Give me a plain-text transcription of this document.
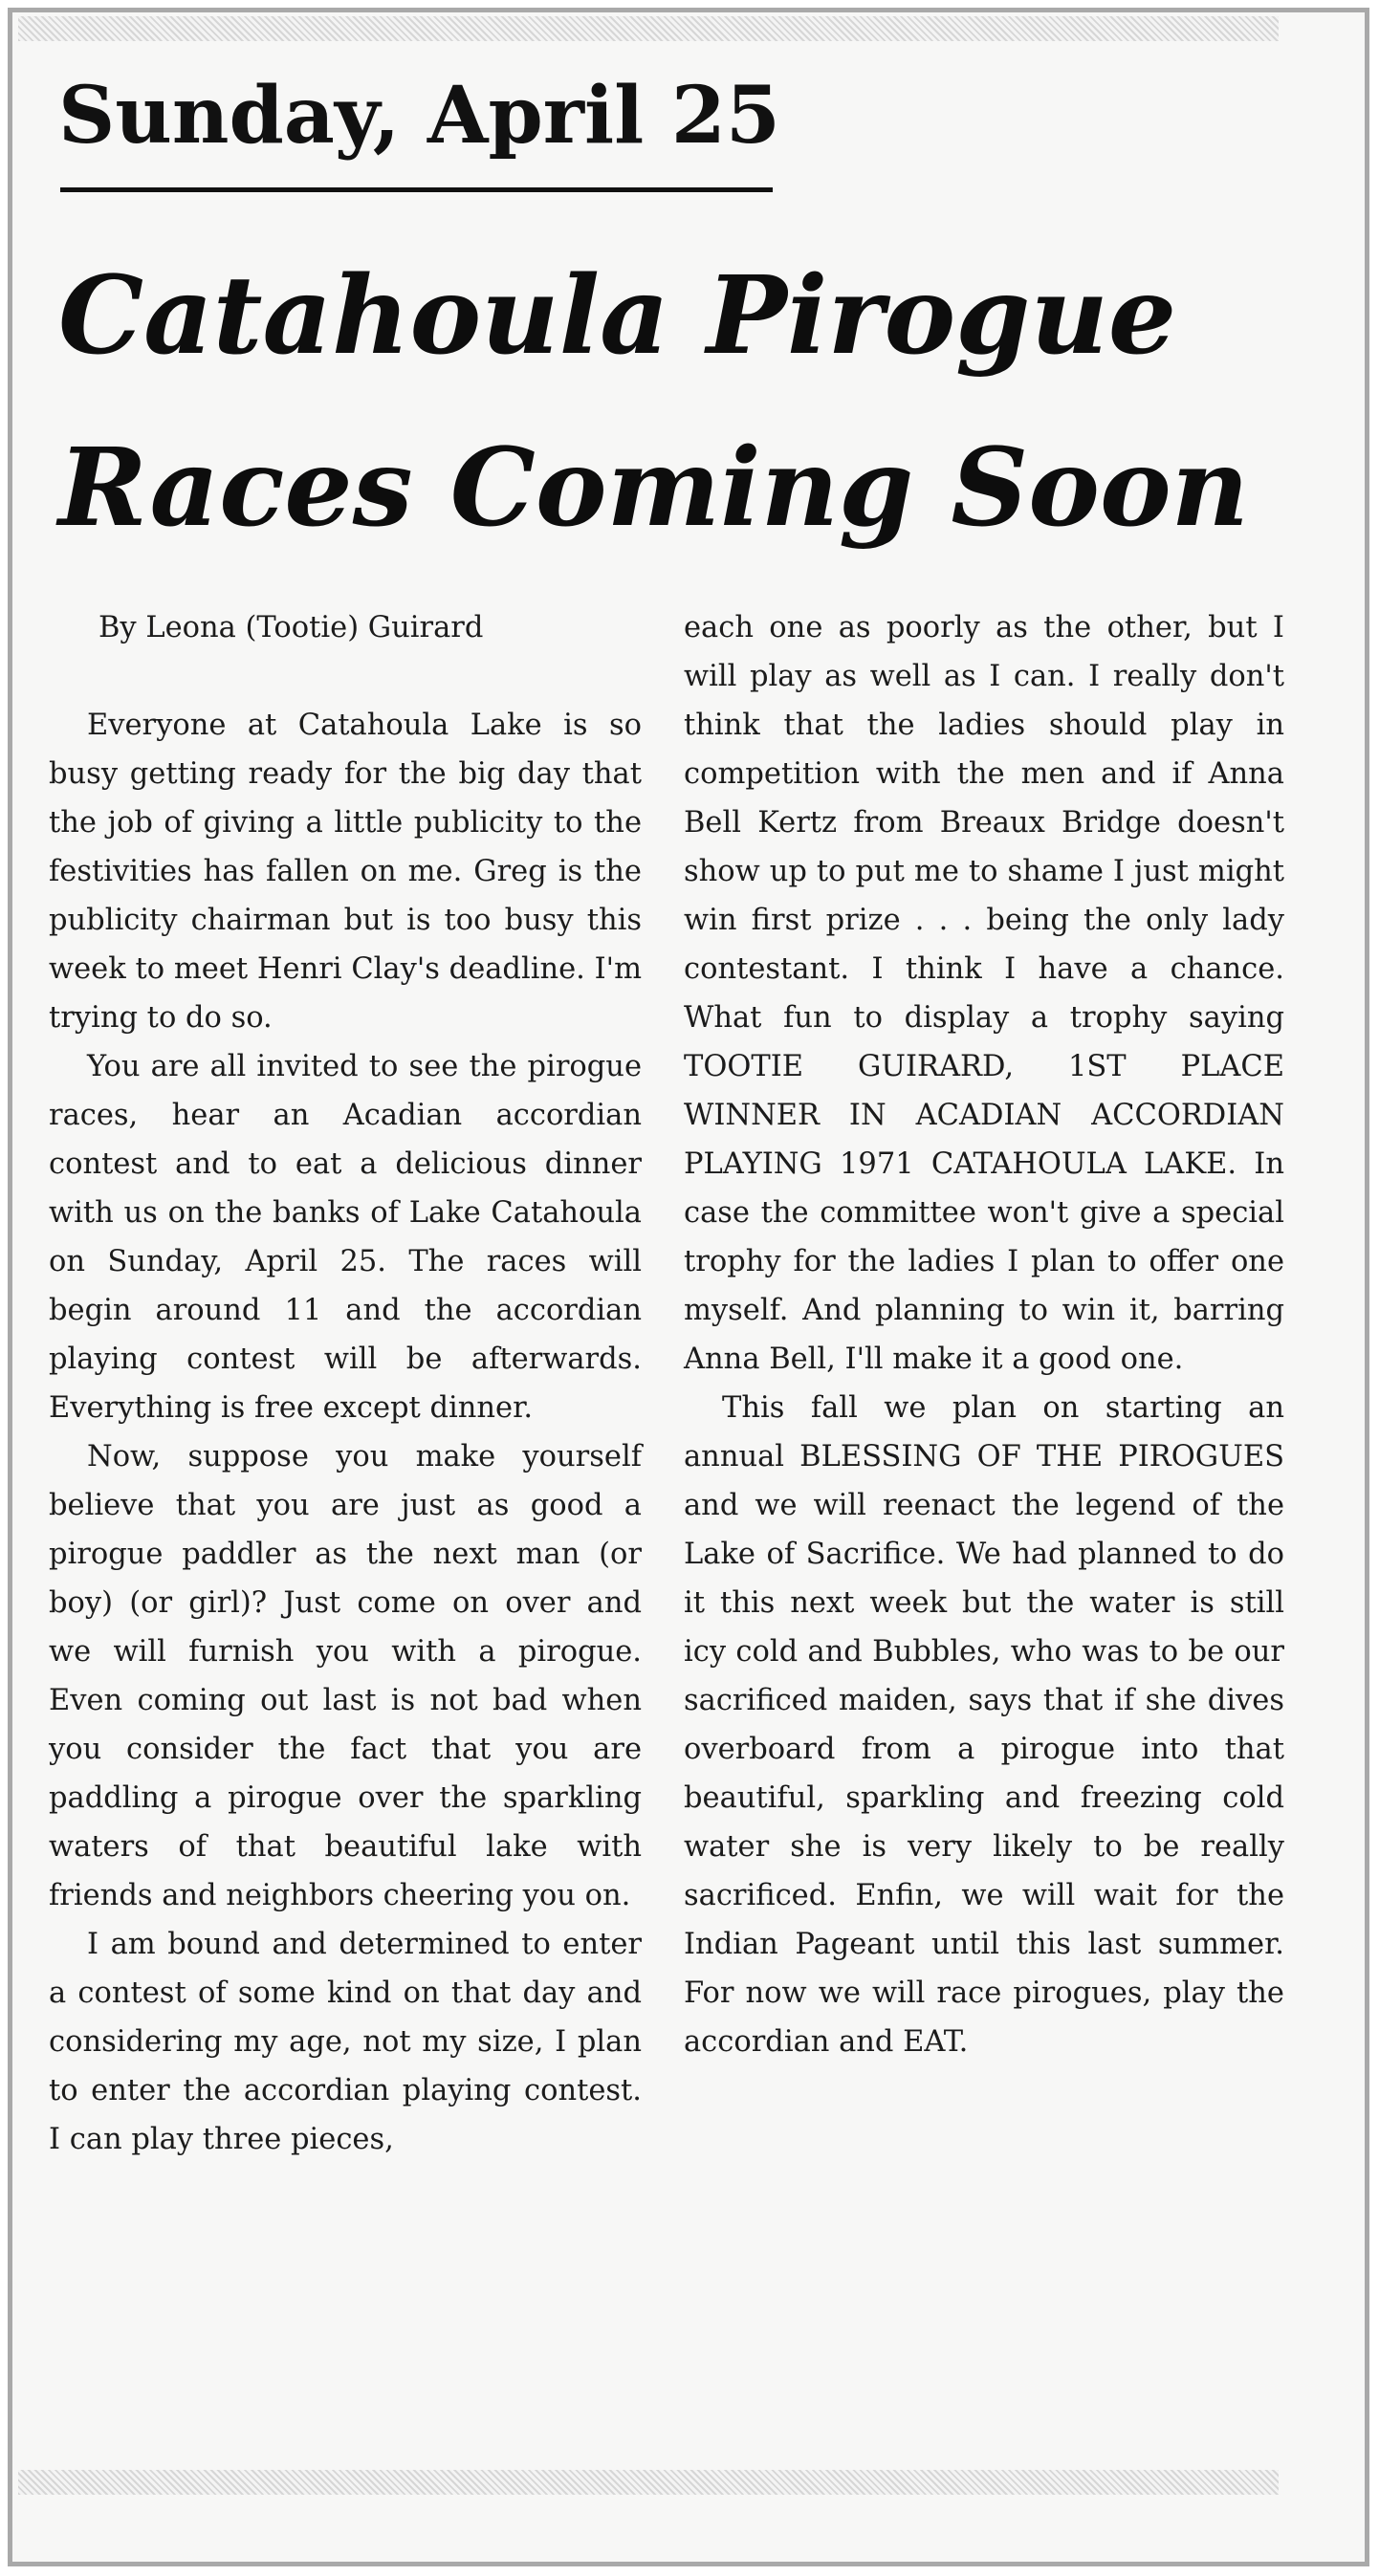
Sunday, April 25
Catahoula Pirogue Races Coming Soon

By Leona (Tootie) Guirard

Everyone at Catahoula Lake is so busy getting ready for the big day that the job of giving a little publicity to the festivities has fallen on me. Greg is the publicity chairman but is too busy this week to meet Henri Clay's deadline. I'm trying to do so.

You are all invited to see the pirogue races, hear an Acadian accordian contest and to eat a delicious dinner with us on the banks of Lake Catahoula on Sunday, April 25. The races will begin around 11 and the accordian playing contest will be afterwards. Everything is free except dinner.

Now, suppose you make yourself believe that you are just as good a pirogue paddler as the next man (or boy) (or girl)? Just come on over and we will furnish you with a pirogue. Even coming out last is not bad when you consider the fact that you are paddling a pirogue over the sparkling waters of that beautiful lake with friends and neighbors cheering you on.

I am bound and determined to enter a contest of some kind on that day and considering my age, not my size, I plan to enter the accordian playing contest. I can play three pieces,

each one as poorly as the other, but I will play as well as I can. I really don't think that the ladies should play in competition with the men and if Anna Bell Kertz from Breaux Bridge doesn't show up to put me to shame I just might win first prize . . . being the only lady contestant. I think I have a chance. What fun to display a trophy saying TOOTIE GUIRARD, 1ST PLACE WINNER IN ACADIAN ACCORDIAN PLAYING 1971 CATAHOULA LAKE. In case the committee won't give a special trophy for the ladies I plan to offer one myself. And planning to win it, barring Anna Bell, I'll make it a good one.

This fall we plan on starting an annual BLESSING OF THE PIROGUES and we will reenact the legend of the Lake of Sacrifice. We had planned to do it this next week but the water is still icy cold and Bubbles, who was to be our sacrificed maiden, says that if she dives overboard from a pirogue into that beautiful, sparkling and freezing cold water she is very likely to be really sacrificed. Enfin, we will wait for the Indian Pageant until this last summer. For now we will race pirogues, play the accordian and EAT.
